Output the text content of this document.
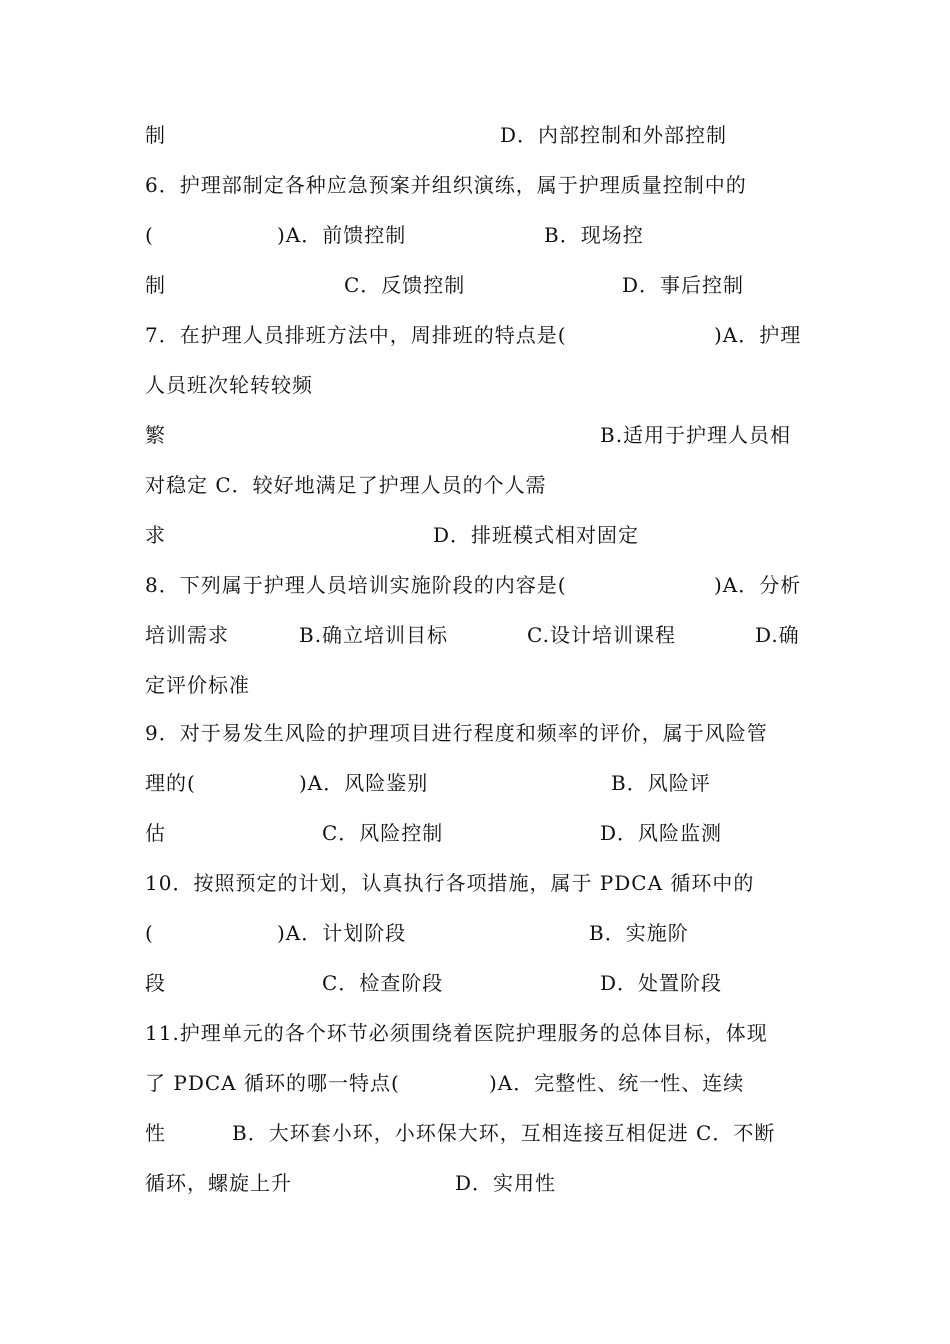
制	D．内部控制和外部控制
6．护理部制定各种应急预案并组织演练，属于护理质量控制中的
(	)A．前馈控制	B．现场控
制	C．反馈控制	D．事后控制
7．在护理人员排班方法中，周排班的特点是(	)A．护理
人员班次轮转较频
繁	B.适用于护理人员相
对稳定 C．较好地满足了护理人员的个人需
求	D．排班模式相对固定
8．下列属于护理人员培训实施阶段的内容是(	)A．分析
培训需求	B.确立培训目标	C.设计培训课程	D.确
定评价标准
9．对于易发生风险的护理项目进行程度和频率的评价，属于风险管
理的(	)A．风险鉴别	B．风险评
估	C．风险控制	D．风险监测
10．按照预定的计划，认真执行各项措施，属于 PDCA 循环中的
(	)A．计划阶段	B．实施阶
段	C．检查阶段	D．处置阶段
11.护理单元的各个环节必须围绕着医院护理服务的总体目标，体现
了 PDCA 循环的哪一特点(	)A．完整性、统一性、连续
性	B．大环套小环，小环保大环，互相连接互相促进 C．不断
循环，螺旋上升	D．实用性
